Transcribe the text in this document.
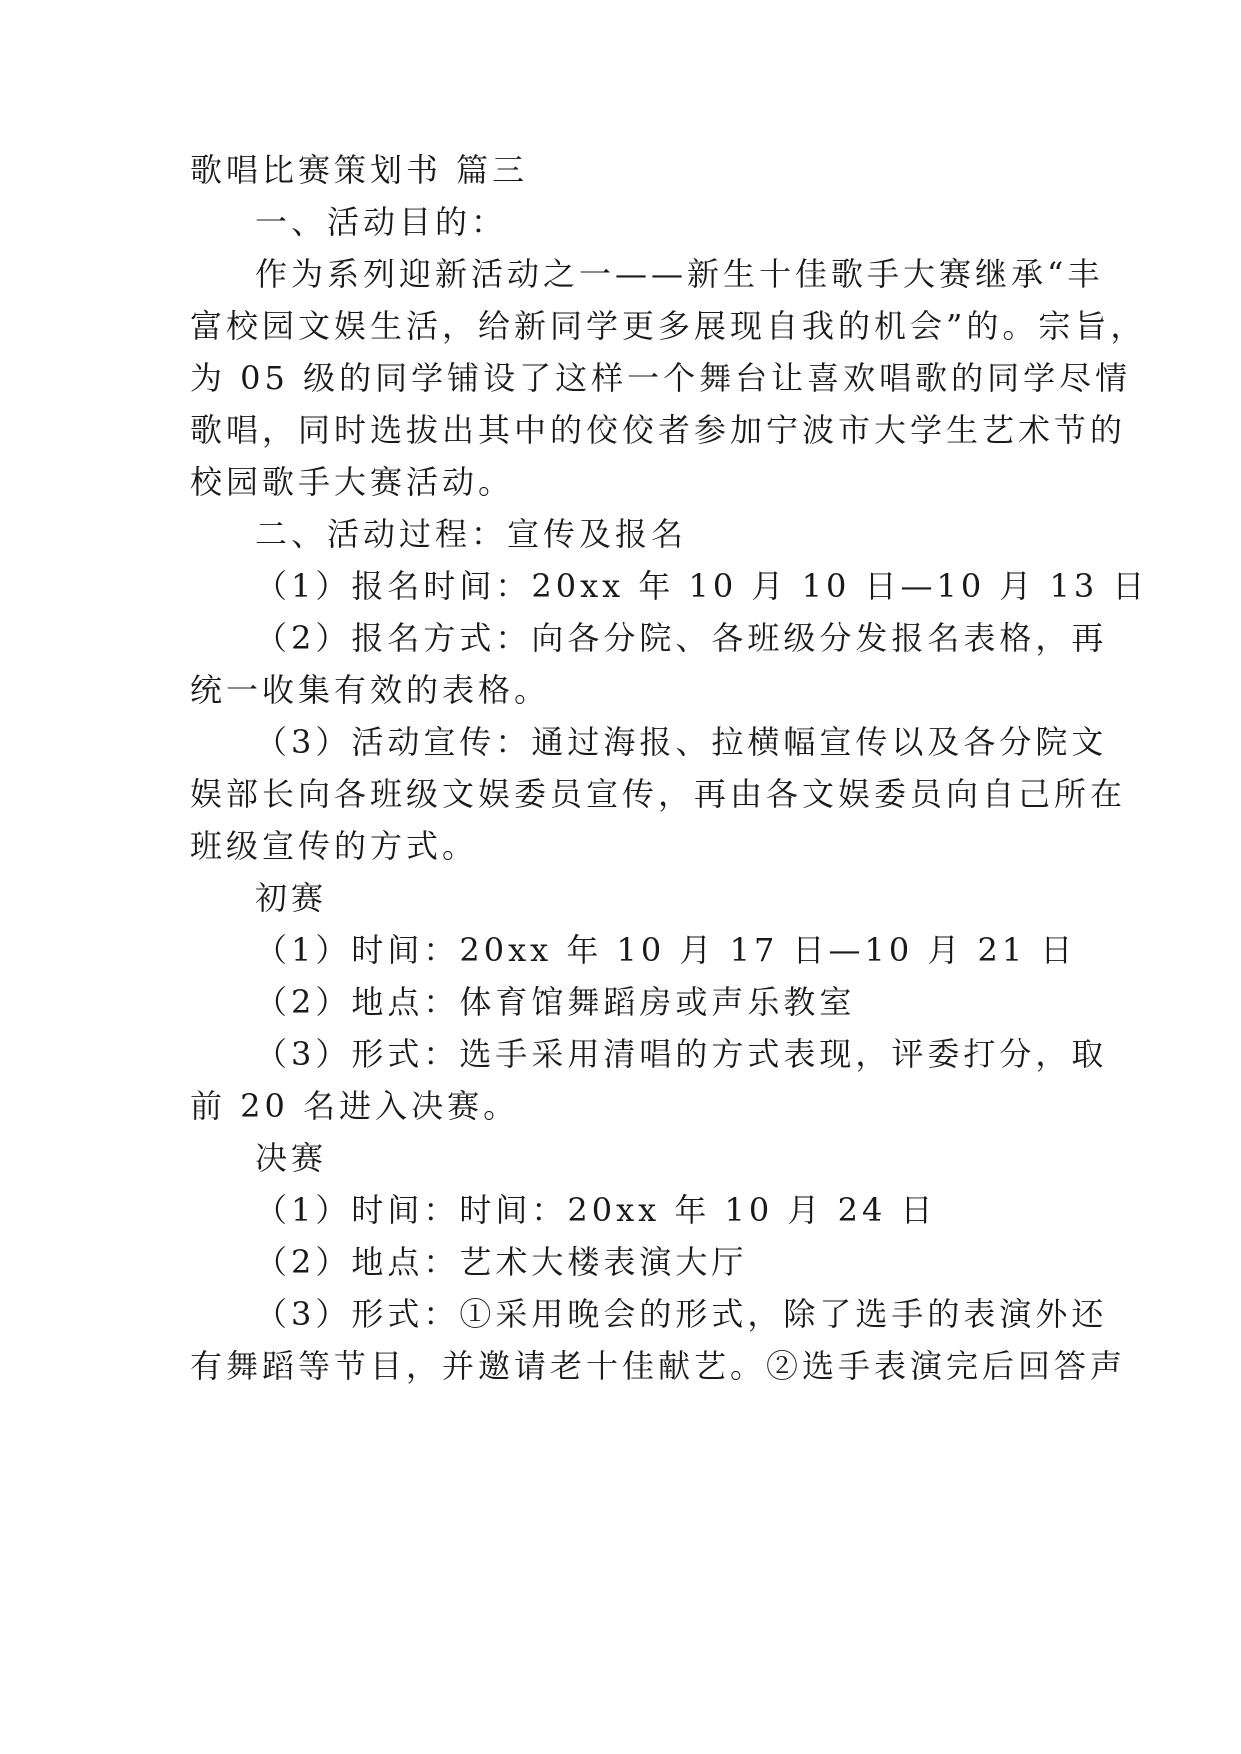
歌唱比赛策划书 篇三

一、活动目的：

作为系列迎新活动之一——新生十佳歌手大赛继承“丰

富校园文娱生活，给新同学更多展现自我的机会”的。宗旨，

为 05 级的同学铺设了这样一个舞台让喜欢唱歌的同学尽情

歌唱，同时选拔出其中的佼佼者参加宁波市大学生艺术节的

校园歌手大赛活动。

二、活动过程：宣传及报名

（1）报名时间：20xx 年 10 月 10 日—10 月 13 日

（2）报名方式：向各分院、各班级分发报名表格，再

统一收集有效的表格。

（3）活动宣传：通过海报、拉横幅宣传以及各分院文

娱部长向各班级文娱委员宣传，再由各文娱委员向自己所在

班级宣传的方式。

初赛

（1）时间：20xx 年 10 月 17 日—10 月 21 日

（2）地点：体育馆舞蹈房或声乐教室

（3）形式：选手采用清唱的方式表现，评委打分，取

前 20 名进入决赛。

决赛

（1）时间：时间：20xx 年 10 月 24 日

（2）地点：艺术大楼表演大厅

（3）形式：①采用晚会的形式，除了选手的表演外还

有舞蹈等节目，并邀请老十佳献艺。②选手表演完后回答声
